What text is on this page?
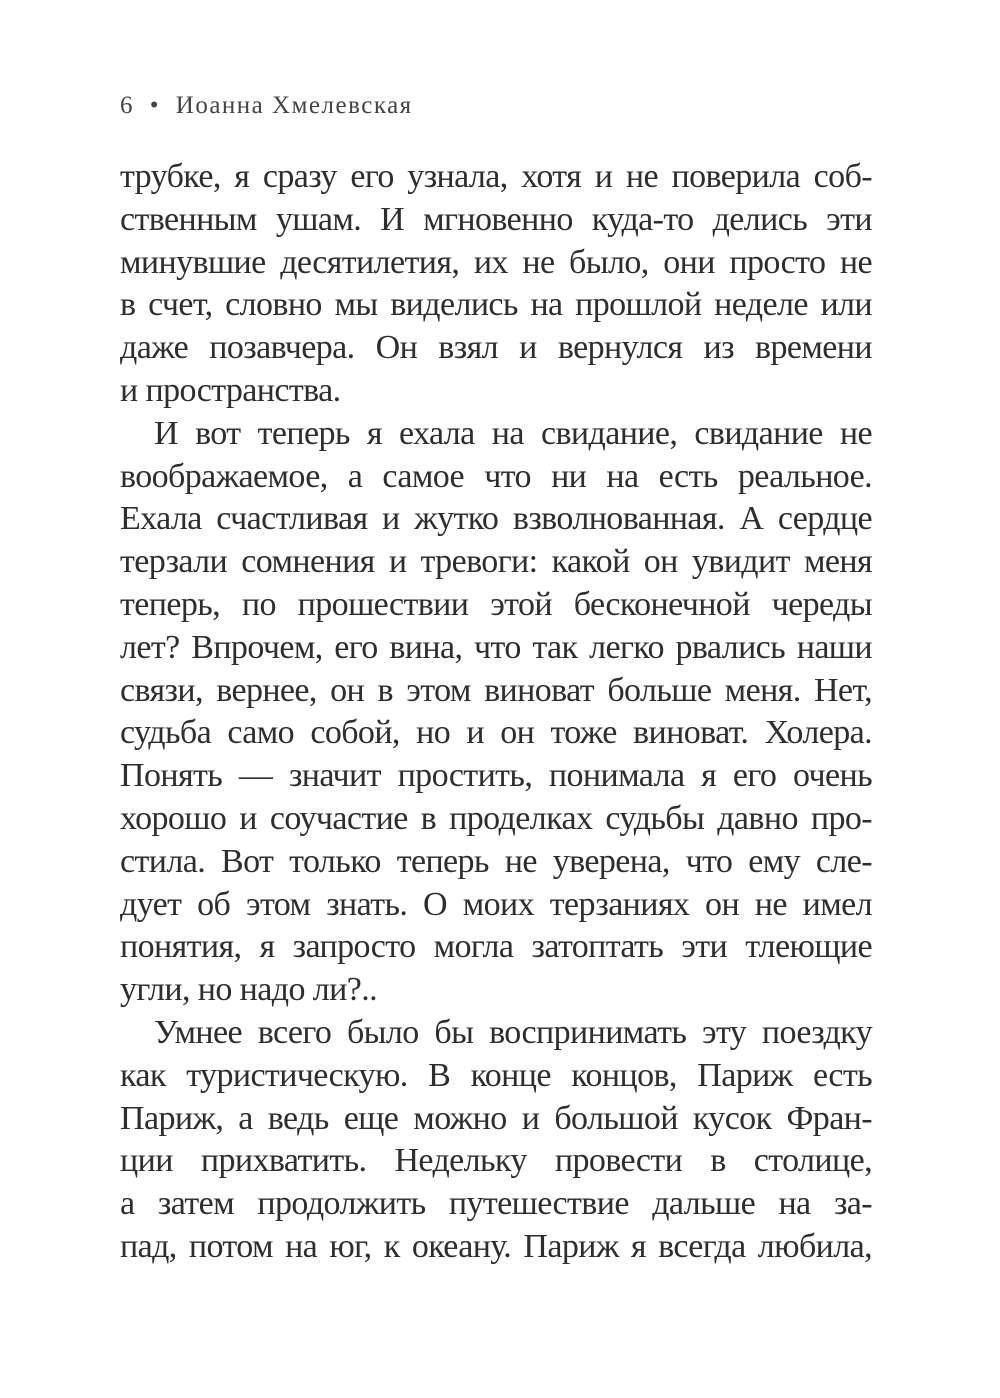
6 • Иоанна Хмелевская
трубке, я сразу его узнала, хотя и не поверила соб-
ственным ушам. И мгновенно куда-то делись эти
минувшие десятилетия, их не было, они просто не
в счет, словно мы виделись на прошлой неделе или
даже позавчера. Он взял и вернулся из времени
и пространства.
И вот теперь я ехала на свидание, свидание не
воображаемое, а самое что ни на есть реальное.
Ехала счастливая и жутко взволнованная. А сердце
терзали сомнения и тревоги: какой он увидит меня
теперь, по прошествии этой бесконечной череды
лет? Впрочем, его вина, что так легко рвались наши
связи, вернее, он в этом виноват больше меня. Нет,
судьба само собой, но и он тоже виноват. Холера.
Понять — значит простить, понимала я его очень
хорошо и соучастие в проделках судьбы давно про-
стила. Вот только теперь не уверена, что ему сле-
дует об этом знать. О моих терзаниях он не имел
понятия, я запросто могла затоптать эти тлеющие
угли, но надо ли?..
Умнее всего было бы воспринимать эту поездку
как туристическую. В конце концов, Париж есть
Париж, а ведь еще можно и большой кусок Фран-
ции прихватить. Недельку провести в столице,
а затем продолжить путешествие дальше на за-
пад, потом на юг, к океану. Париж я всегда любила,
